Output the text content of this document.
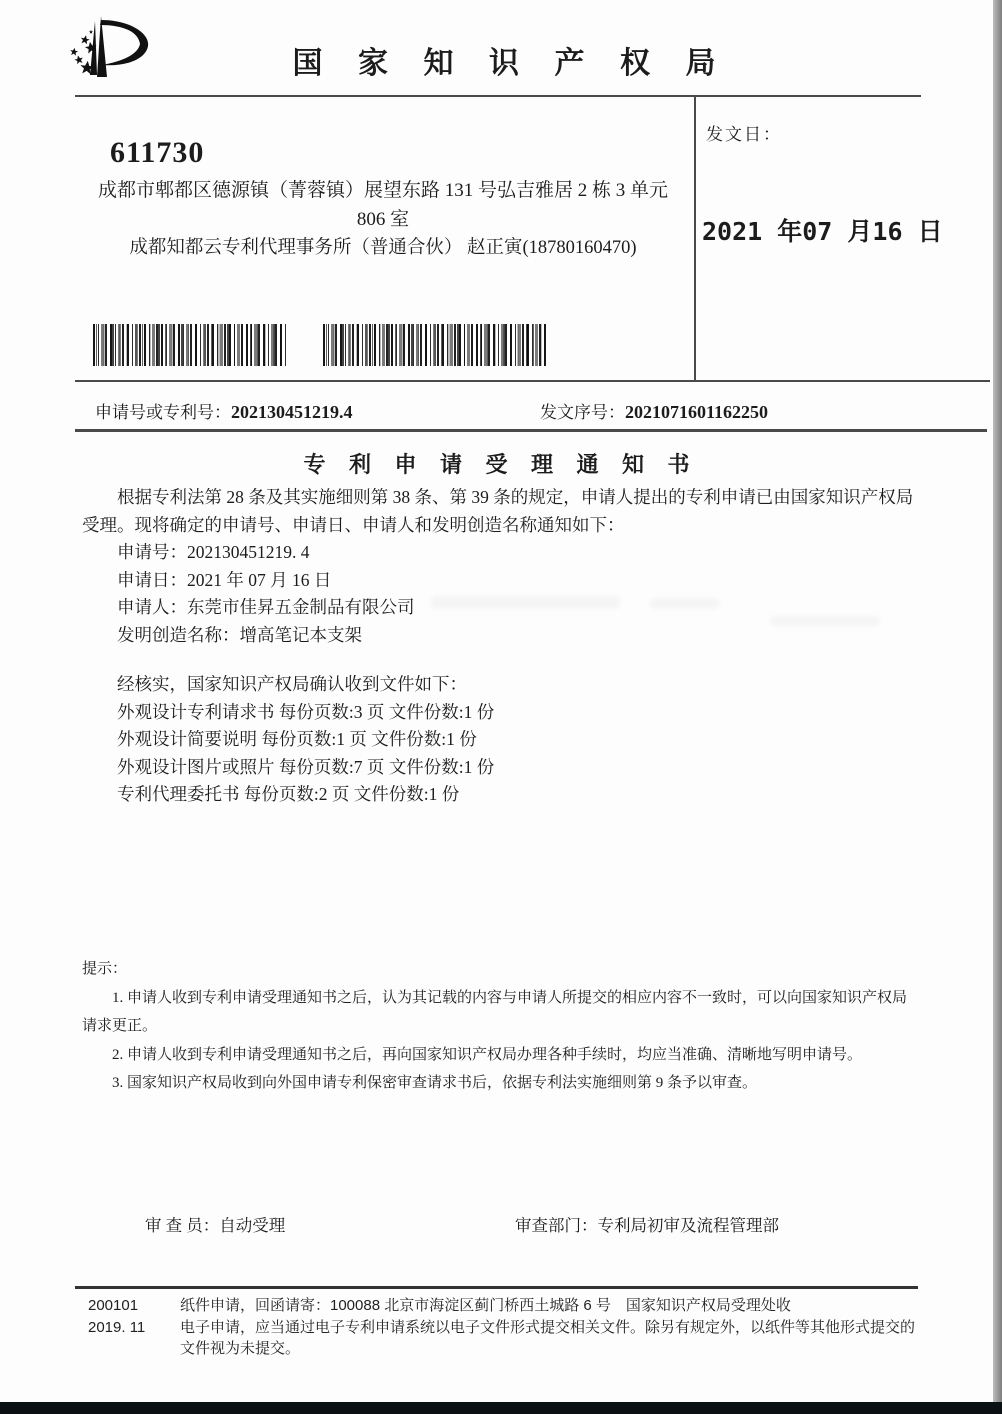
国 家 知 识 产 权 局
611730
成都市郫都区德源镇（菁蓉镇）展望东路 131 号弘吉雅居 2 栋 3 单元
806 室
成都知都云专利代理事务所（普通合伙） 赵正寅(18780160470)
发文日：
2021 年07 月16 日
申请号或专利号：202130451219.4	发文序号：2021071601162250
专 利 申 请 受 理 通 知 书
根据专利法第 28 条及其实施细则第 38 条、第 39 条的规定，申请人提出的专利申请已由国家知识产权局
受理。现将确定的申请号、申请日、申请人和发明创造名称通知如下：
申请号：202130451219. 4
申请日：2021 年 07 月 16 日
申请人：东莞市佳昇五金制品有限公司
发明创造名称：增高笔记本支架
经核实，国家知识产权局确认收到文件如下：
外观设计专利请求书 每份页数:3 页 文件份数:1 份
外观设计简要说明 每份页数:1 页 文件份数:1 份
外观设计图片或照片 每份页数:7 页 文件份数:1 份
专利代理委托书 每份页数:2 页 文件份数:1 份
提示：
1. 申请人收到专利申请受理通知书之后，认为其记载的内容与申请人所提交的相应内容不一致时，可以向国家知识产权局
请求更正。
2. 申请人收到专利申请受理通知书之后，再向国家知识产权局办理各种手续时，均应当准确、清晰地写明申请号。
3. 国家知识产权局收到向外国申请专利保密审查请求书后，依据专利法实施细则第 9 条予以审查。
审 查 员：自动受理	审查部门：专利局初审及流程管理部
200101
2019. 11
纸件申请，回函请寄：100088 北京市海淀区蓟门桥西土城路 6 号　国家知识产权局受理处收
电子申请，应当通过电子专利申请系统以电子文件形式提交相关文件。除另有规定外，以纸件等其他形式提交的
文件视为未提交。
